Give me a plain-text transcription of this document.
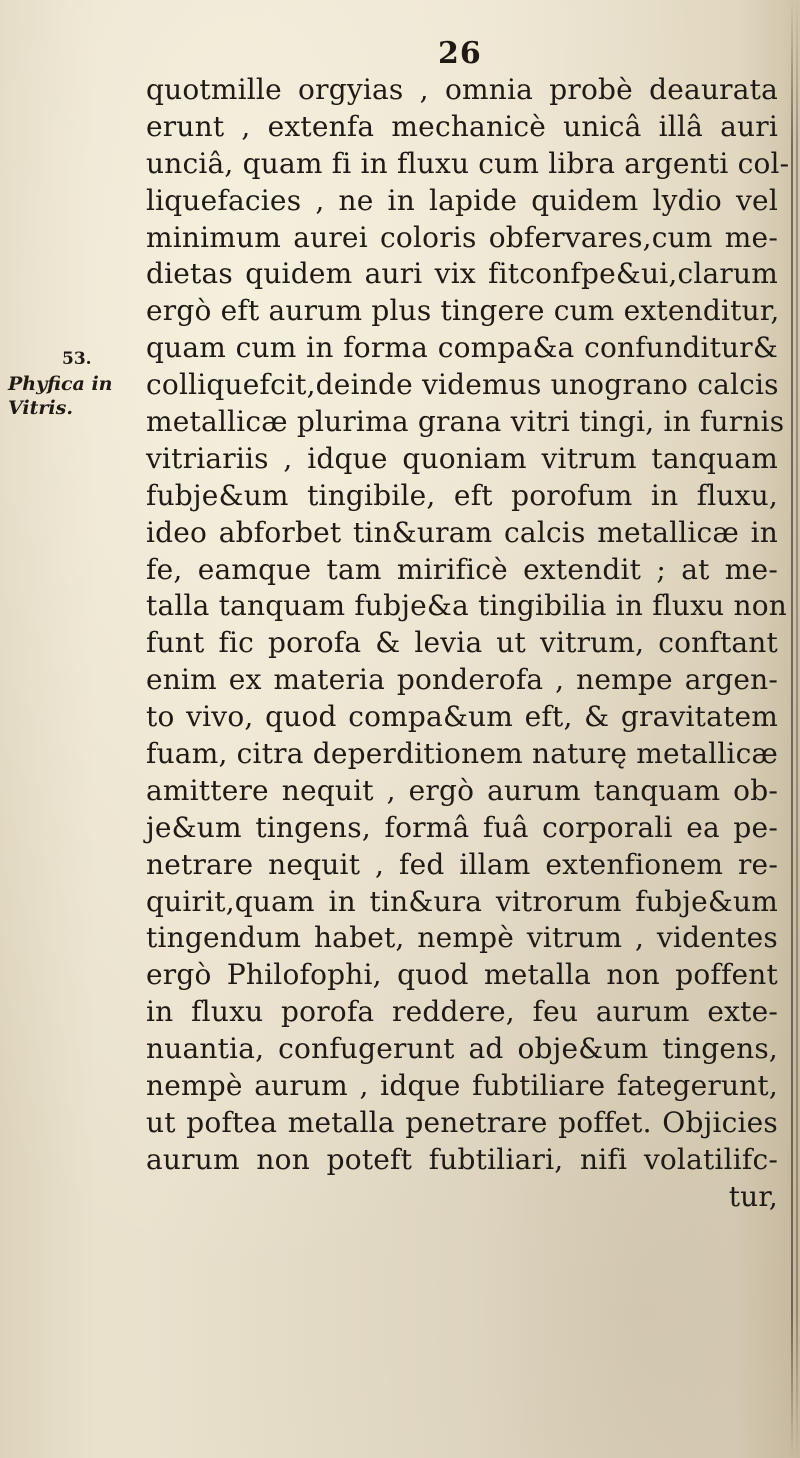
26
53.
Phyfica in
Vitris.
quotmille orgyias , omnia probè deaurata
erunt , extenfa mechanicè unicâ illâ auri
unciâ, quam fi in fluxu cum libra argenti col-
liquefacies , ne in lapide quidem lydio vel
minimum aurei coloris obfervares,cum me-
dietas quidem auri vix fitconfpe&ui,clarum
ergò eft aurum plus tingere cum extenditur,
quam cum in forma compa&a confunditur&
colliquefcit,deinde videmus unograno calcis
metallicæ plurima grana vitri tingi, in furnis
vitriariis , idque quoniam vitrum tanquam
fubje&um tingibile, eft porofum in fluxu,
ideo abforbet tin&uram calcis metallicæ in
fe, eamque tam mirificè extendit ; at me-
talla tanquam fubje&a tingibilia in fluxu non
funt fic porofa & levia ut vitrum, conftant
enim ex materia ponderofa , nempe argen-
to vivo, quod compa&um eft, & gravitatem
fuam, citra deperditionem naturę metallicæ
amittere nequit , ergò aurum tanquam ob-
je&um tingens, formâ fuâ corporali ea pe-
netrare nequit , fed illam extenfionem re-
quirit,quam in tin&ura vitrorum fubje&um
tingendum habet, nempè vitrum , videntes
ergò Philofophi, quod metalla non poffent
in fluxu porofa reddere, feu aurum exte-
nuantia, confugerunt ad obje&um tingens,
nempè aurum , idque fubtiliare fategerunt,
ut poftea metalla penetrare poffet. Objicies
aurum non poteft fubtiliari, nifi volatilifc-
tur,
